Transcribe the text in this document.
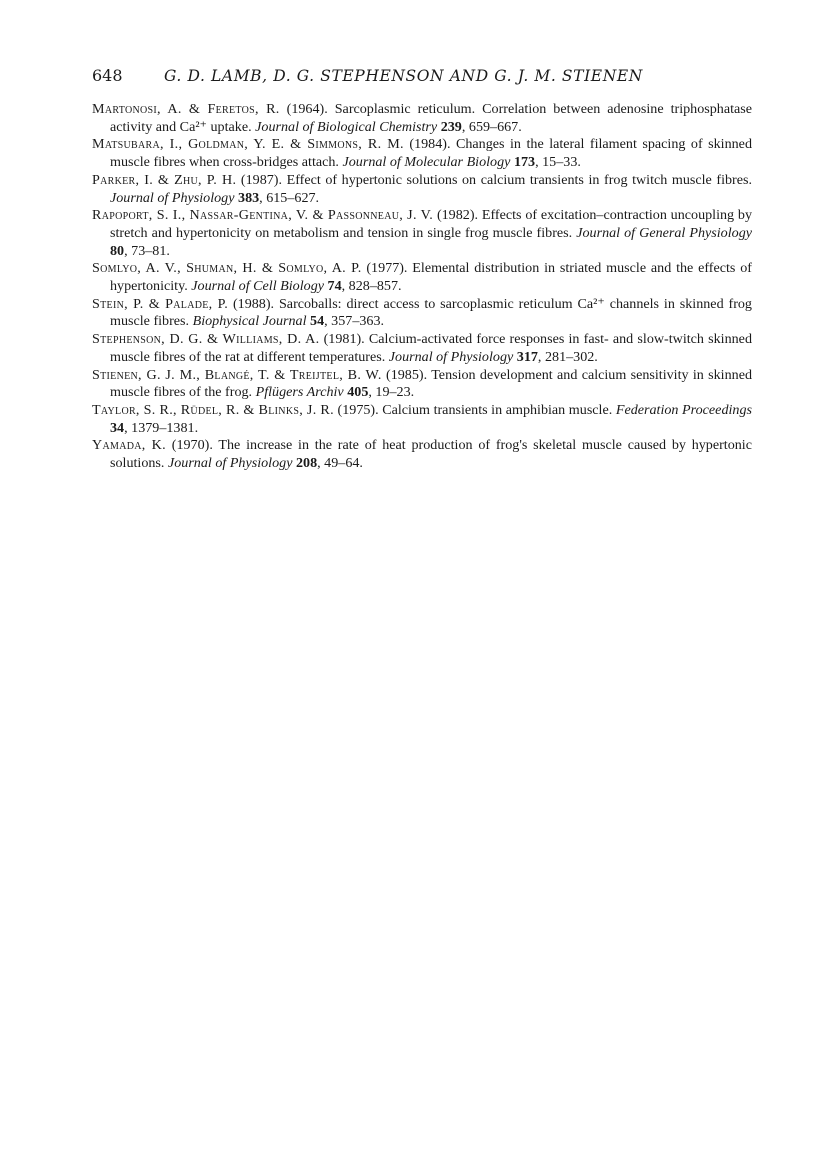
648	G. D. LAMB, D. G. STEPHENSON AND G. J. M. STIENEN
Martonosi, A. & Feretos, R. (1964). Sarcoplasmic reticulum. Correlation between adenosine triphosphatase activity and Ca²⁺ uptake. Journal of Biological Chemistry 239, 659–667.
Matsubara, I., Goldman, Y. E. & Simmons, R. M. (1984). Changes in the lateral filament spacing of skinned muscle fibres when cross-bridges attach. Journal of Molecular Biology 173, 15–33.
Parker, I. & Zhu, P. H. (1987). Effect of hypertonic solutions on calcium transients in frog twitch muscle fibres. Journal of Physiology 383, 615–627.
Rapoport, S. I., Nassar-Gentina, V. & Passonneau, J. V. (1982). Effects of excitation–contraction uncoupling by stretch and hypertonicity on metabolism and tension in single frog muscle fibres. Journal of General Physiology 80, 73–81.
Somlyo, A. V., Shuman, H. & Somlyo, A. P. (1977). Elemental distribution in striated muscle and the effects of hypertonicity. Journal of Cell Biology 74, 828–857.
Stein, P. & Palade, P. (1988). Sarcoballs: direct access to sarcoplasmic reticulum Ca²⁺ channels in skinned frog muscle fibres. Biophysical Journal 54, 357–363.
Stephenson, D. G. & Williams, D. A. (1981). Calcium-activated force responses in fast- and slow-twitch skinned muscle fibres of the rat at different temperatures. Journal of Physiology 317, 281–302.
Stienen, G. J. M., Blangé, T. & Treijtel, B. W. (1985). Tension development and calcium sensitivity in skinned muscle fibres of the frog. Pflügers Archiv 405, 19–23.
Taylor, S. R., Rüdel, R. & Blinks, J. R. (1975). Calcium transients in amphibian muscle. Federation Proceedings 34, 1379–1381.
Yamada, K. (1970). The increase in the rate of heat production of frog's skeletal muscle caused by hypertonic solutions. Journal of Physiology 208, 49–64.
